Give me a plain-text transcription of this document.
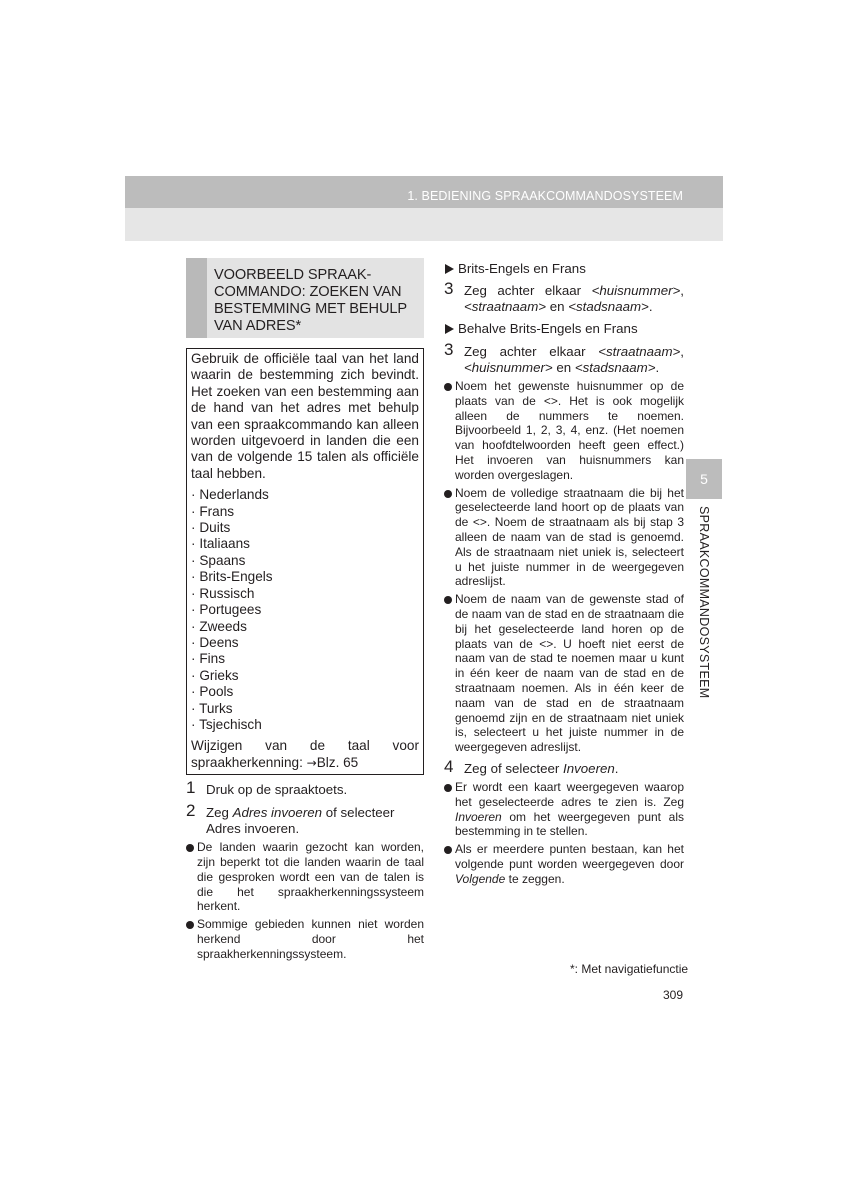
1. BEDIENING SPRAAKCOMMANDOSYSTEEM
5
SPRAAKCOMMANDOSYSTEEM
VOORBEELD SPRAAK-COMMANDO: ZOEKEN VAN BESTEMMING MET BEHULP VAN ADRES*

Gebruik de officiële taal van het land waarin de bestemming zich bevindt. Het zoeken van een bestemming aan de hand van het adres met behulp van een spraakcommando kan alleen worden uitgevoerd in landen die een van de volgende 15 talen als officiële taal hebben.

· Nederlands
· Frans
· Duits
· Italiaans
· Spaans
· Brits-Engels
· Russisch
· Portugees
· Zweeds
· Deens
· Fins
· Grieks
· Pools
· Turks
· Tsjechisch

Wijzigen van de taal voor spraakherkenning: →Blz. 65

1 Druk op de spraaktoets.
2 Zeg Adres invoeren of selecteer Adres invoeren.
De landen waarin gezocht kan worden, zijn beperkt tot die landen waarin de taal die gesproken wordt een van de talen is die het spraakherkenningssysteem herkent.
Sommige gebieden kunnen niet worden herkend door het spraakherkenningssysteem.
Brits-Engels en Frans
3 Zeg achter elkaar <huisnummer>, <straatnaam> en <stadsnaam>.
Behalve Brits-Engels en Frans
3 Zeg achter elkaar <straatnaam>, <huisnummer> en <stadsnaam>.
Noem het gewenste huisnummer op de plaats van de <>. Het is ook mogelijk alleen de nummers te noemen. Bijvoorbeeld 1, 2, 3, 4, enz. (Het noemen van hoofdtelwoorden heeft geen effect.) Het invoeren van huisnummers kan worden overgeslagen.
Noem de volledige straatnaam die bij het geselecteerde land hoort op de plaats van de <>. Noem de straatnaam als bij stap 3 alleen de naam van de stad is genoemd. Als de straatnaam niet uniek is, selecteert u het juiste nummer in de weergegeven adreslijst.
Noem de naam van de gewenste stad of de naam van de stad en de straatnaam die bij het geselecteerde land horen op de plaats van de <>. U hoeft niet eerst de naam van de stad te noemen maar u kunt in één keer de naam van de stad en de straatnaam noemen. Als in één keer de naam van de stad en de straatnaam genoemd zijn en de straatnaam niet uniek is, selecteert u het juiste nummer in de weergegeven adreslijst.
4 Zeg of selecteer Invoeren.
Er wordt een kaart weergegeven waarop het geselecteerde adres te zien is. Zeg Invoeren om het weergegeven punt als bestemming in te stellen.
Als er meerdere punten bestaan, kan het volgende punt worden weergegeven door Volgende te zeggen.
*: Met navigatiefunctie
309
